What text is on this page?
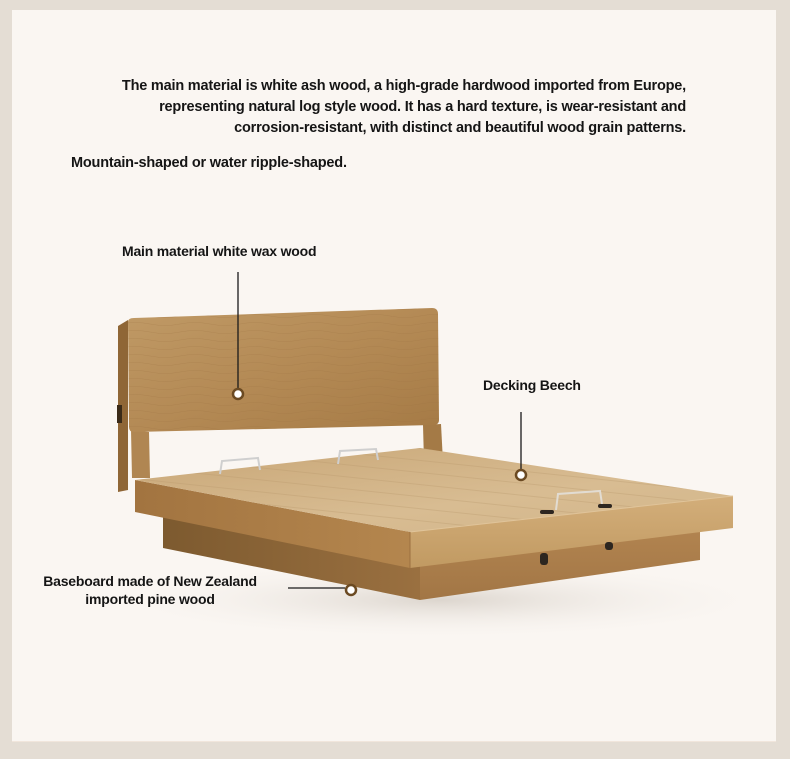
The main material is white ash wood, a high-grade hardwood imported from Europe,
representing natural log style wood. It has a hard texture, is wear-resistant and
corrosion-resistant, with distinct and beautiful wood grain patterns.
Mountain-shaped or water ripple-shaped.
Main material white wax wood
Decking Beech
Baseboard made of New Zealand
imported pine wood
